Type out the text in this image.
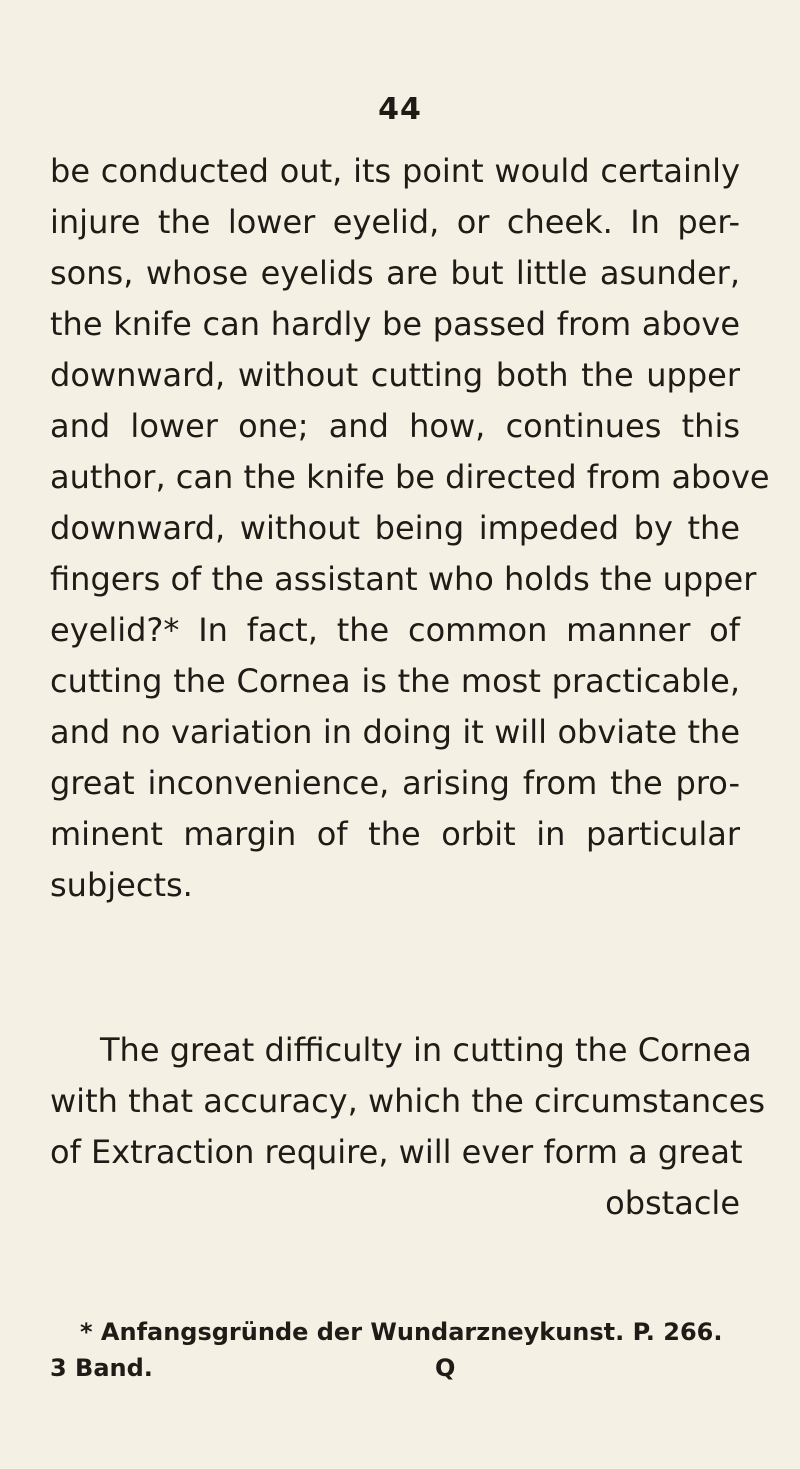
44
be conducted out, its point would certainly
injure the lower eyelid, or cheek. In per-
sons, whose eyelids are but little asunder,
the knife can hardly be passed from above
downward, without cutting both the upper
and lower one; and how, continues this
author, can the knife be directed from above
downward, without being impeded by the
fingers of the assistant who holds the upper
eyelid?* In fact, the common manner of
cutting the Cornea is the most practicable,
and no variation in doing it will obviate the
great inconvenience, arising from the pro-
minent margin of the orbit in particular
subjects.
The great difficulty in cutting the Cornea
with that accuracy, which the circumstances
of Extraction require, will ever form a great
obstacle
* Anfangsgründe der Wundarzneykunst. P. 266.
3 Band.	Q
